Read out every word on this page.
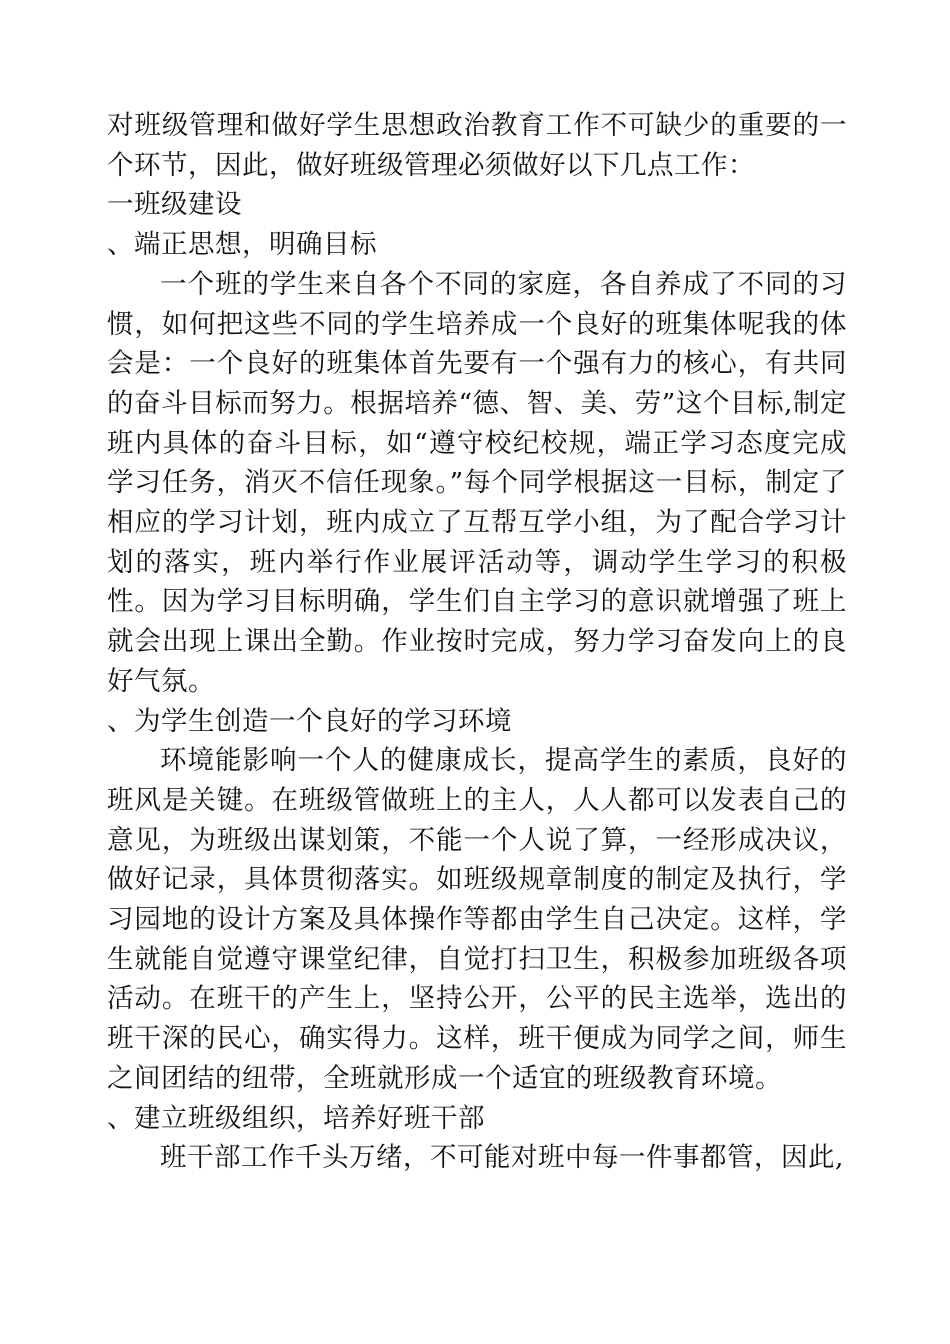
对班级管理和做好学生思想政治教育工作不可缺少的重要的一个环节，因此，做好班级管理必须做好以下几点工作：

一班级建设

、端正思想，明确目标

一个班的学生来自各个不同的家庭，各自养成了不同的习惯，如何把这些不同的学生培养成一个良好的班集体呢我的体会是：一个良好的班集体首先要有一个强有力的核心，有共同的奋斗目标而努力。根据培养“德、智、美、劳”这个目标,制定班内具体的奋斗目标，如“遵守校纪校规，端正学习态度完成学习任务，消灭不信任现象。”每个同学根据这一目标，制定了相应的学习计划，班内成立了互帮互学小组，为了配合学习计划的落实，班内举行作业展评活动等，调动学生学习的积极性。因为学习目标明确，学生们自主学习的意识就增强了班上就会出现上课出全勤。作业按时完成，努力学习奋发向上的良好气氛。

、为学生创造一个良好的学习环境

环境能影响一个人的健康成长，提高学生的素质，良好的班风是关键。在班级管做班上的主人，人人都可以发表自己的意见，为班级出谋划策，不能一个人说了算，一经形成决议，做好记录，具体贯彻落实。如班级规章制度的制定及执行，学习园地的设计方案及具体操作等都由学生自己决定。这样，学生就能自觉遵守课堂纪律，自觉打扫卫生，积极参加班级各项活动。在班干的产生上，坚持公开，公平的民主选举，选出的班干深的民心，确实得力。这样，班干便成为同学之间，师生之间团结的纽带，全班就形成一个适宜的班级教育环境。

、建立班级组织，培养好班干部

班干部工作千头万绪，不可能对班中每一件事都管，因此,
